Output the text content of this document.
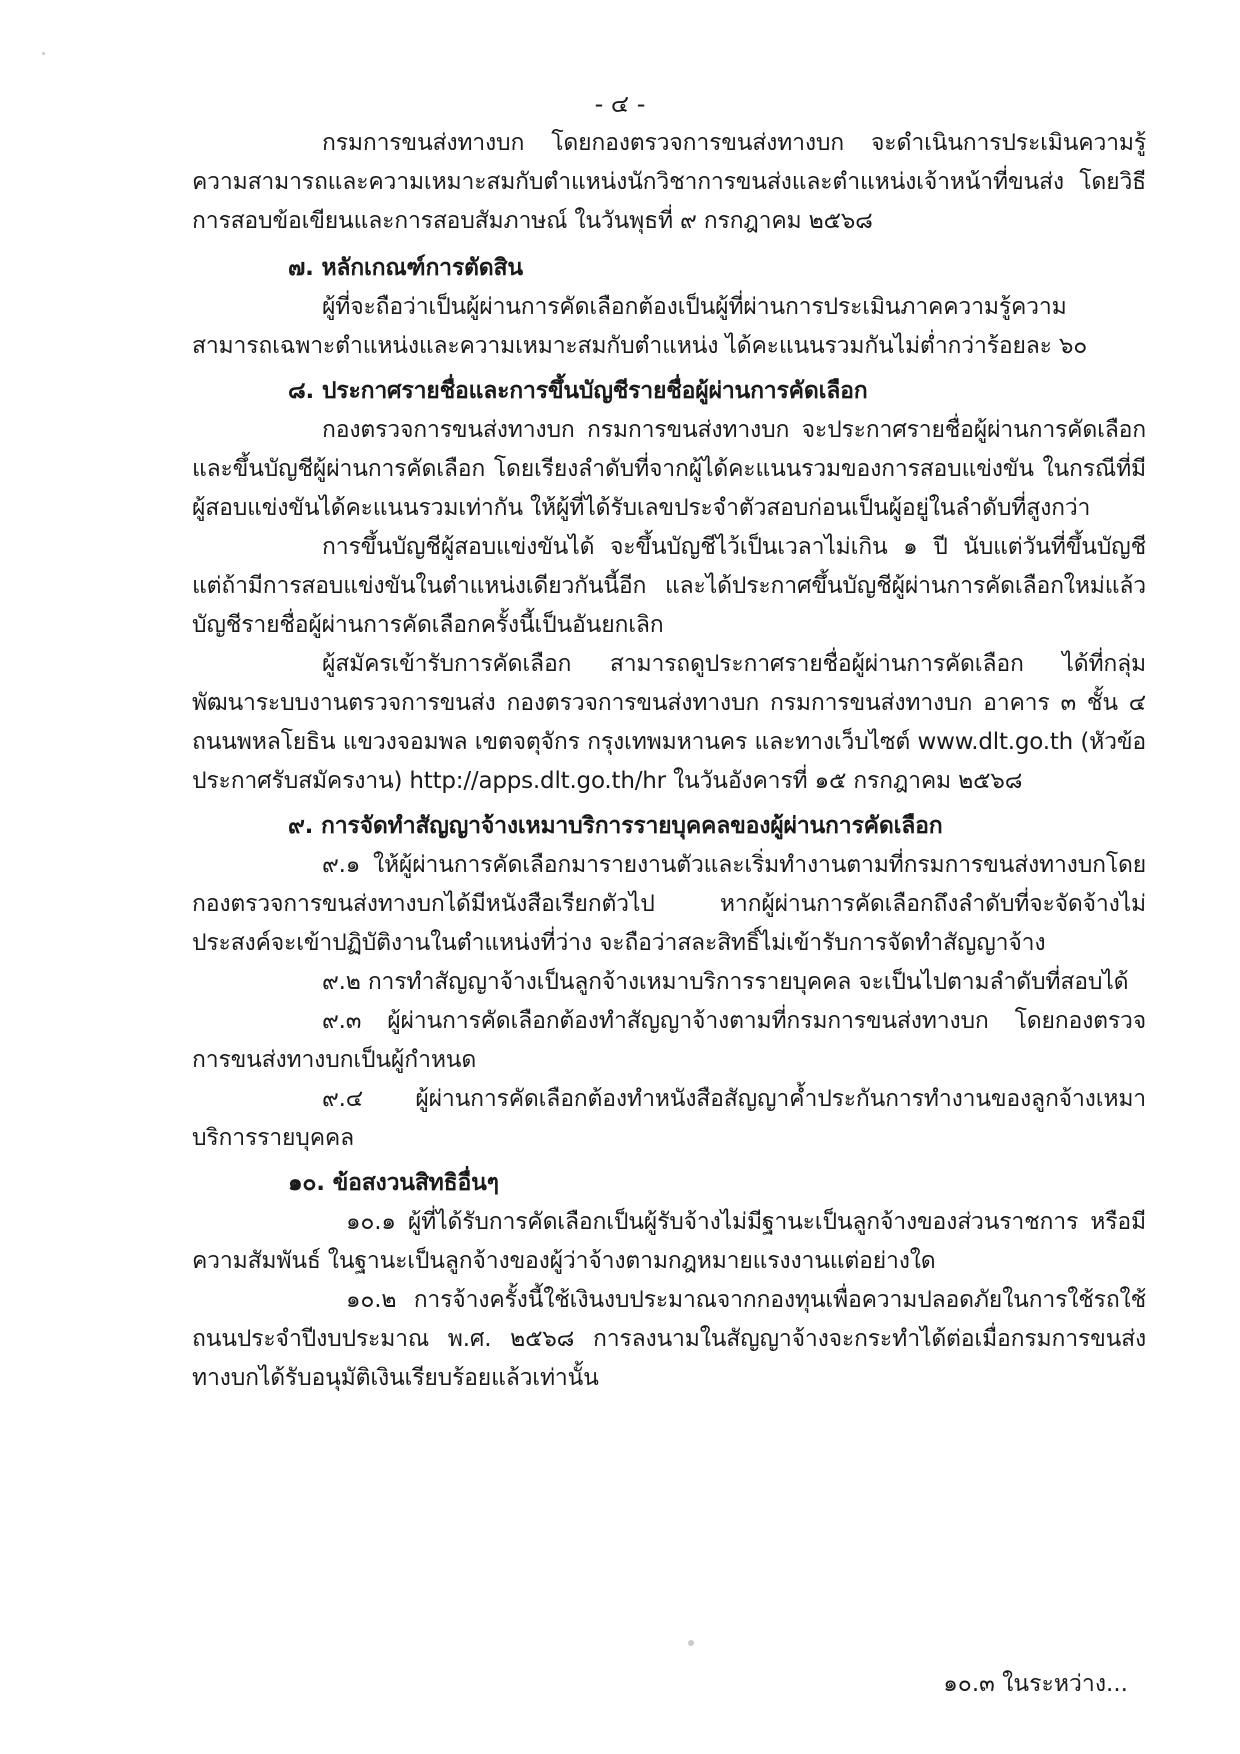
- ๔ -

กรมการขนส่งทางบก โดยกองตรวจการขนส่งทางบก จะดำเนินการประเมินความรู้ความสามารถและความเหมาะสมกับตำแหน่งนักวิชาการขนส่งและตำแหน่งเจ้าหน้าที่ขนส่ง โดยวิธีการสอบข้อเขียนและการสอบสัมภาษณ์ ในวันพุธที่ ๙ กรกฎาคม ๒๕๖๘

๗. หลักเกณฑ์การตัดสิน

ผู้ที่จะถือว่าเป็นผู้ผ่านการคัดเลือกต้องเป็นผู้ที่ผ่านการประเมินภาคความรู้ความสามารถเฉพาะตำแหน่งและความเหมาะสมกับตำแหน่ง ได้คะแนนรวมกันไม่ต่ำกว่าร้อยละ ๖๐

๘. ประกาศรายชื่อและการขึ้นบัญชีรายชื่อผู้ผ่านการคัดเลือก

กองตรวจการขนส่งทางบก กรมการขนส่งทางบก จะประกาศรายชื่อผู้ผ่านการคัดเลือกและขึ้นบัญชีผู้ผ่านการคัดเลือก โดยเรียงลำดับที่จากผู้ได้คะแนนรวมของการสอบแข่งขัน ในกรณีที่มีผู้สอบแข่งขันได้คะแนนรวมเท่ากัน ให้ผู้ที่ได้รับเลขประจำตัวสอบก่อนเป็นผู้อยู่ในลำดับที่สูงกว่า

การขึ้นบัญชีผู้สอบแข่งขันได้ จะขึ้นบัญชีไว้เป็นเวลาไม่เกิน ๑ ปี นับแต่วันที่ขึ้นบัญชี แต่ถ้ามีการสอบแข่งขันในตำแหน่งเดียวกันนี้อีก และได้ประกาศขึ้นบัญชีผู้ผ่านการคัดเลือกใหม่แล้ว บัญชีรายชื่อผู้ผ่านการคัดเลือกครั้งนี้เป็นอันยกเลิก

ผู้สมัครเข้ารับการคัดเลือก สามารถดูประกาศรายชื่อผู้ผ่านการคัดเลือก ได้ที่กลุ่มพัฒนาระบบงานตรวจการขนส่ง กองตรวจการขนส่งทางบก กรมการขนส่งทางบก อาคาร ๓ ชั้น ๔ ถนนพหลโยธิน แขวงจอมพล เขตจตุจักร กรุงเทพมหานคร และทางเว็บไซต์ www.dlt.go.th (หัวข้อประกาศรับสมัครงาน) http://apps.dlt.go.th/hr ในวันอังคารที่ ๑๕ กรกฎาคม ๒๕๖๘

๙. การจัดทำสัญญาจ้างเหมาบริการรายบุคคลของผู้ผ่านการคัดเลือก

๙.๑ ให้ผู้ผ่านการคัดเลือกมารายงานตัวและเริ่มทำงานตามที่กรมการขนส่งทางบกโดยกองตรวจการขนส่งทางบกได้มีหนังสือเรียกตัวไป หากผู้ผ่านการคัดเลือกถึงลำดับที่จะจัดจ้างไม่ประสงค์จะเข้าปฏิบัติงานในตำแหน่งที่ว่าง จะถือว่าสละสิทธิ์ไม่เข้ารับการจัดทำสัญญาจ้าง

๙.๒ การทำสัญญาจ้างเป็นลูกจ้างเหมาบริการรายบุคคล จะเป็นไปตามลำดับที่สอบได้

๙.๓ ผู้ผ่านการคัดเลือกต้องทำสัญญาจ้างตามที่กรมการขนส่งทางบก โดยกองตรวจการขนส่งทางบกเป็นผู้กำหนด

๙.๔ ผู้ผ่านการคัดเลือกต้องทำหนังสือสัญญาค้ำประกันการทำงานของลูกจ้างเหมาบริการรายบุคคล

๑๐. ข้อสงวนสิทธิอื่นๆ

๑๐.๑ ผู้ที่ได้รับการคัดเลือกเป็นผู้รับจ้างไม่มีฐานะเป็นลูกจ้างของส่วนราชการ หรือมีความสัมพันธ์ ในฐานะเป็นลูกจ้างของผู้ว่าจ้างตามกฎหมายแรงงานแต่อย่างใด

๑๐.๒ การจ้างครั้งนี้ใช้เงินงบประมาณจากกองทุนเพื่อความปลอดภัยในการใช้รถใช้ถนนประจำปีงบประมาณ พ.ศ. ๒๕๖๘ การลงนามในสัญญาจ้างจะกระทำได้ต่อเมื่อกรมการขนส่งทางบกได้รับอนุมัติเงินเรียบร้อยแล้วเท่านั้น

๑๐.๓ ในระหว่าง...
